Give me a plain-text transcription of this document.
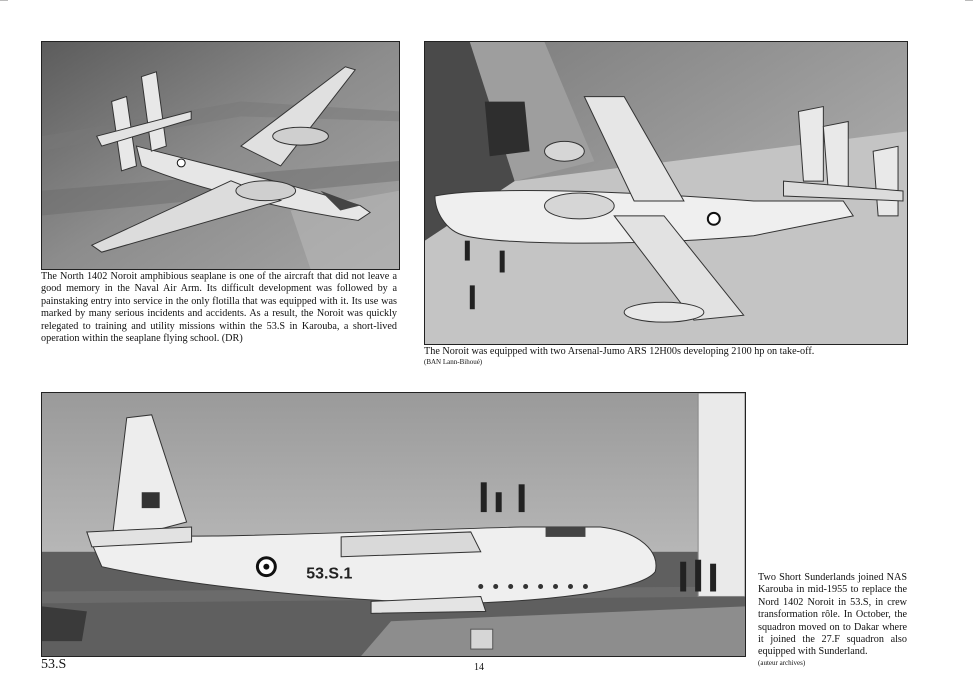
The North 1402 Noroit amphibious seaplane is one of the aircraft that did not leave a good memory in the Naval Air Arm. Its difficult development was followed by a painstaking entry into service in the only flotilla that was equipped with it. Its use was marked by many serious incidents and accidents. As a result, the Noroit was quickly relegated to training and utility missions within the 53.S in Karouba, a short-lived operation within the seaplane flying school. (DR)
The Noroit was equipped with two Arsenal-Jumo ARS 12H00s developing 2100 hp on take-off.
(BAN Lann-Bihoué)
53.S.1	Two Short Sunderlands joined NAS Karouba in mid-1955 to replace the Nord 1402 Noroit in 53.S, in crew transformation rôle. In October, the squadron moved on to Dakar where it joined the 27.F squadron also equipped with Sunderland.
(auteur archives)
53.S	14
